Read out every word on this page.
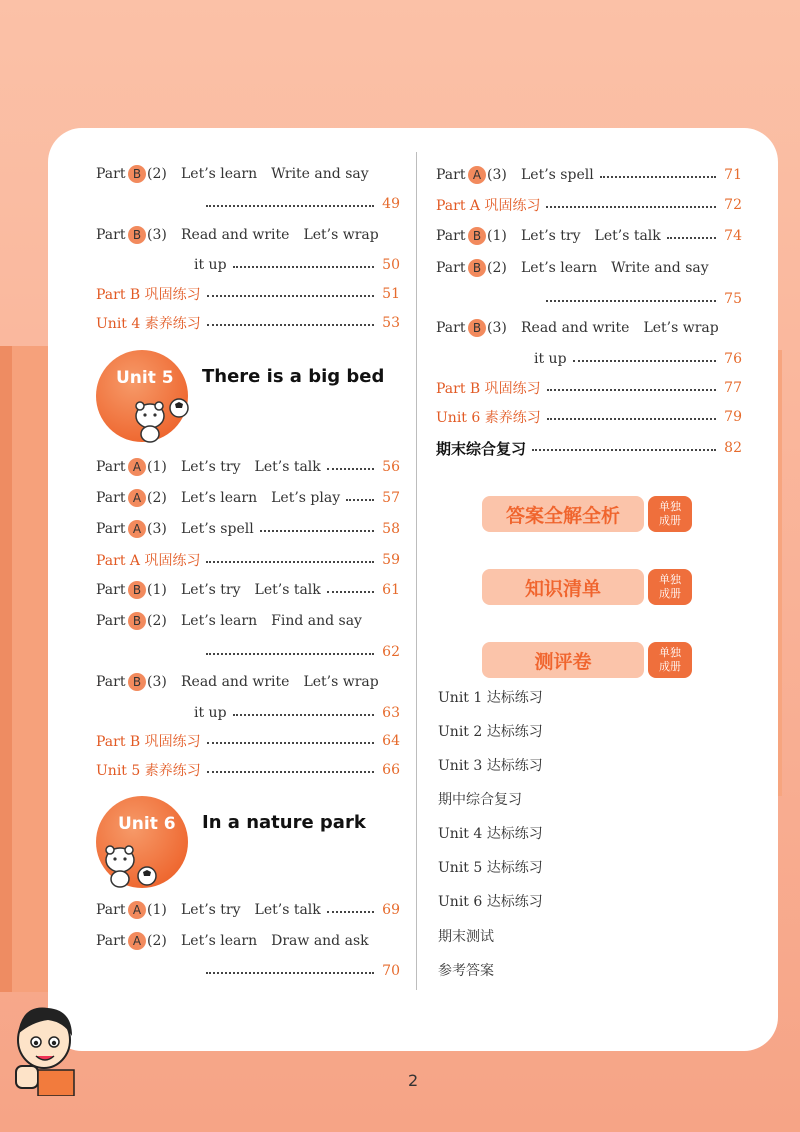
Part B (2)	Let’s learn Write and say
49
Part B (3)	Read and write Let’s wrap
it up	50
Part B 巩固练习	51
Unit 4 素养练习	53
Unit 5 There is a big bed
Part A (1)	Let’s try Let’s talk	56
Part A (2)	Let’s learn Let’s play	57
Part A (3)	Let’s spell	58
Part A 巩固练习	59
Part B (1)	Let’s try Let’s talk	61
Part B (2)	Let’s learn Find and say
62
Part B (3)	Read and write Let’s wrap
it up	63
Part B 巩固练习	64
Unit 5 素养练习	66
Unit 6 In a nature park
Part A (1)	Let’s try Let’s talk	69
Part A (2)	Let’s learn Draw and ask
70
Part A (3)	Let’s spell	71
Part A 巩固练习	72
Part B (1)	Let’s try Let’s talk	74
Part B (2)	Let’s learn Write and say
75
Part B (3)	Read and write Let’s wrap
it up	76
Part B 巩固练习	77
Unit 6 素养练习	79
期末综合复习	82
答案全解全析	单独
成册
知识清单	单独
成册
测评卷	单独
成册
Unit 1 达标练习
Unit 2 达标练习
Unit 3 达标练习
期中综合复习
Unit 4 达标练习
Unit 5 达标练习
Unit 6 达标练习
期末测试
参考答案
2
